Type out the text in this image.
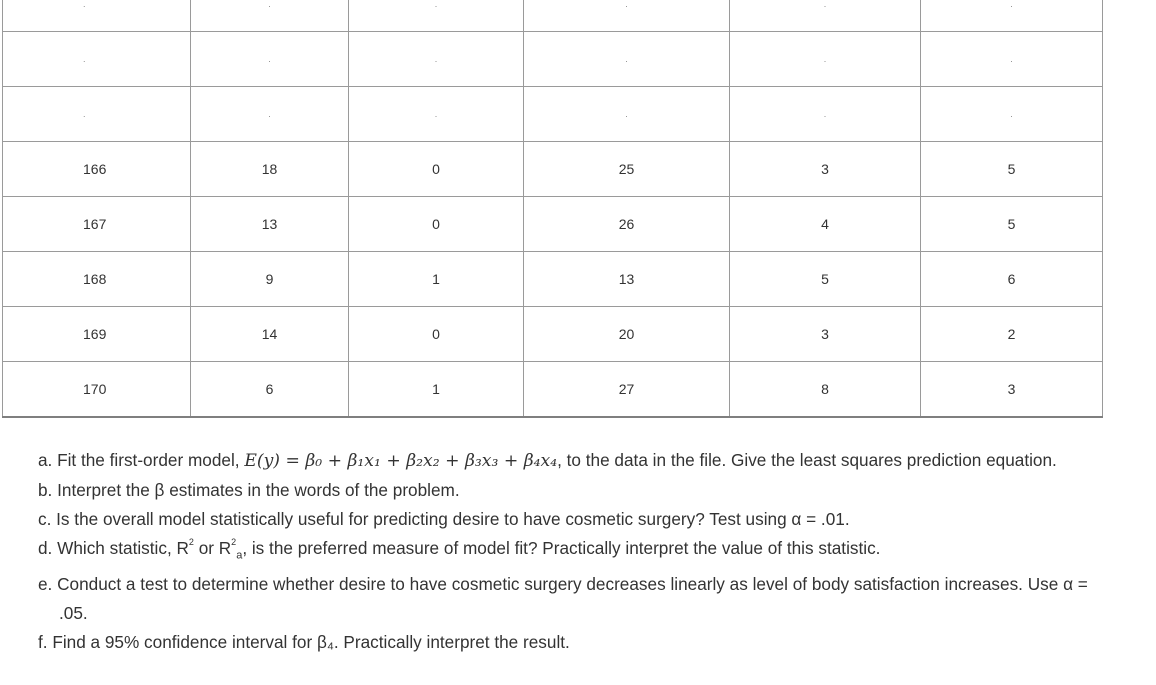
.	.	.	.	.	.
.	.	.	.	.	.
.	.	.	.	.	.
166	18	0	25	3	5
167	13	0	26	4	5
168	9	1	13	5	6
169	14	0	20	3	2
170	6	1	27	8	3
a. Fit the first-order model, E(y) = β₀ + β₁x₁ + β₂x₂ + β₃x₃ + β₄x₄, to the data in the file. Give the least squares prediction equation.
b. Interpret the β estimates in the words of the problem.
c. Is the overall model statistically useful for predicting desire to have cosmetic surgery? Test using α = .01.
d. Which statistic, $R^2$ or $R^2_a$, is the preferred measure of model fit? Practically interpret the value of this statistic.
e. Conduct a test to determine whether desire to have cosmetic surgery decreases linearly as level of body satisfaction increases. Use α = .05.
f. Find a 95% confidence interval for β₄. Practically interpret the result.
